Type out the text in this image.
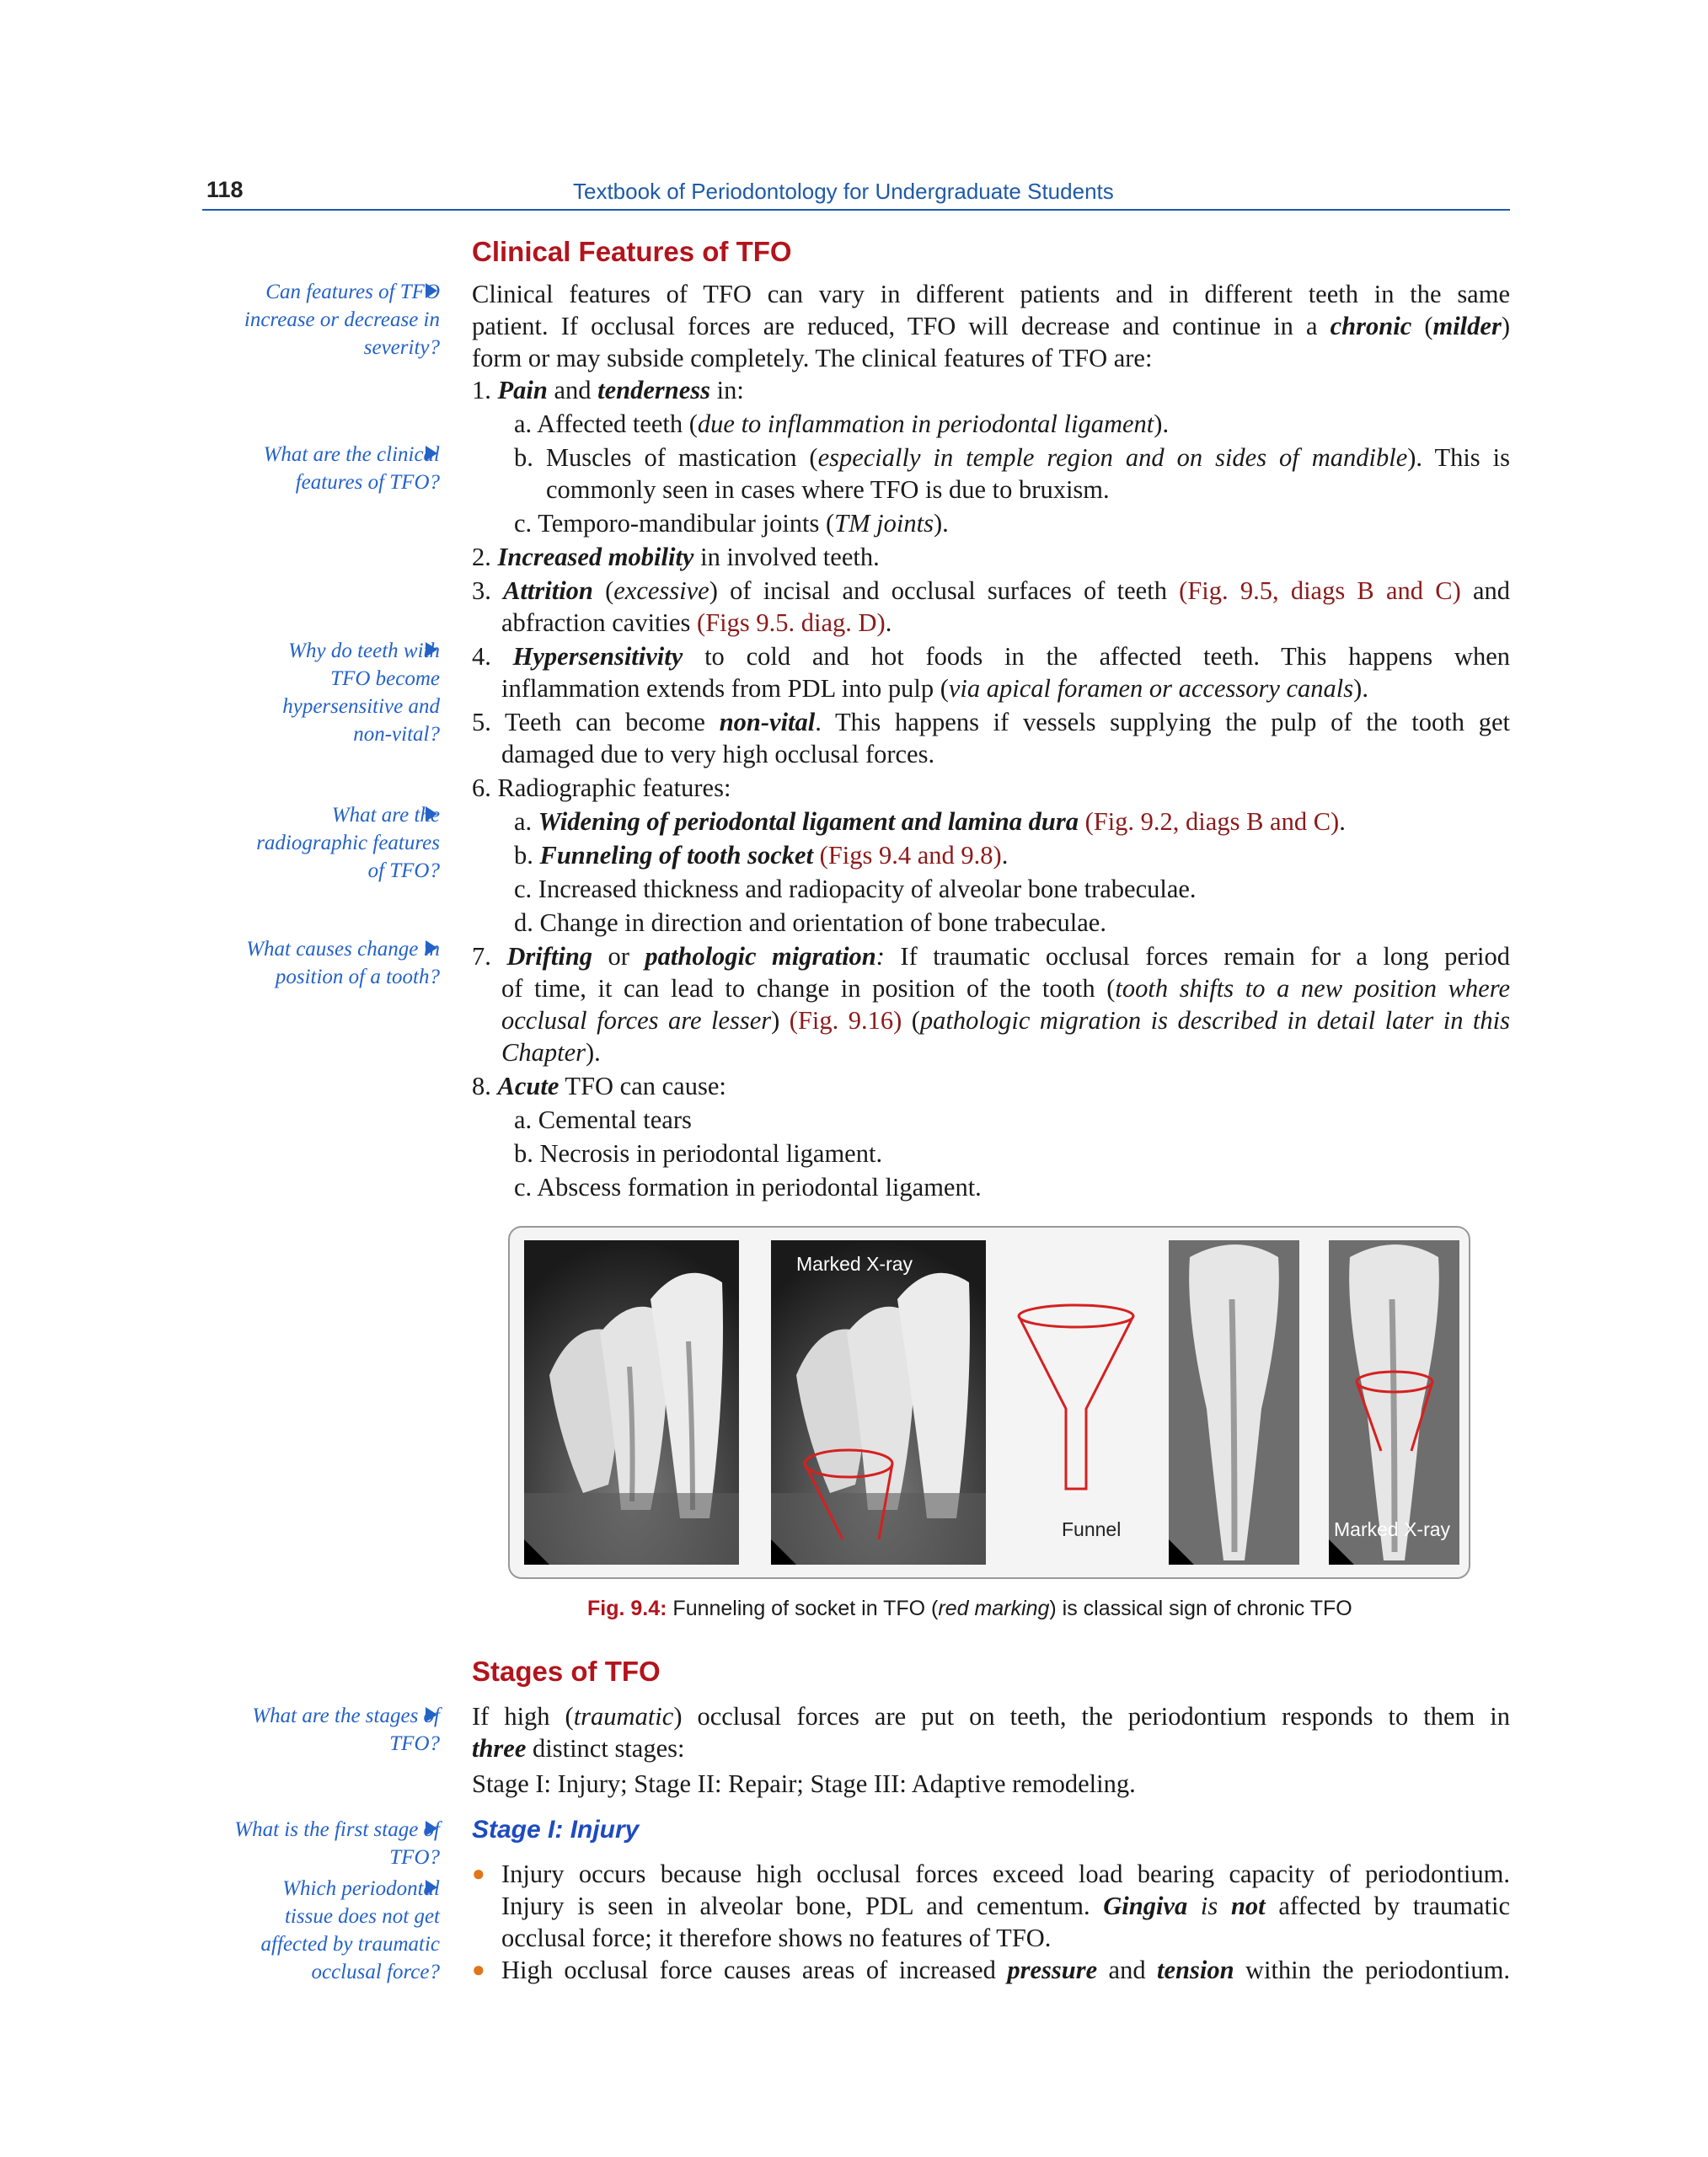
118	Textbook of Periodontology for Undergraduate Students
Can features of TFO increase or decrease in severity?
What are the clinical features of TFO?
Why do teeth with TFO become hypersensitive and non-vital?
What are the radiographic features of TFO?
What causes change in position of a tooth?
What are the stages of TFO?
What is the first stage of TFO?
Which periodontal tissue does not get affected by traumatic occlusal force?
Clinical Features of TFO
Clinical features of TFO can vary in different patients and in different teeth in the same
patient. If occlusal forces are reduced, TFO will decrease and continue in a chronic (milder)
form or may subside completely. The clinical features of TFO are:
1. Pain and tenderness in:
a. Affected teeth (due to inflammation in periodontal ligament).
b. Muscles of mastication (especially in temple region and on sides of mandible). This is
commonly seen in cases where TFO is due to bruxism.
c. Temporo-mandibular joints (TM joints).
2. Increased mobility in involved teeth.
3. Attrition (excessive) of incisal and occlusal surfaces of teeth (Fig. 9.5, diags B and C) and
abfraction cavities (Figs 9.5. diag. D).
4. Hypersensitivity to cold and hot foods in the affected teeth. This happens when
inflammation extends from PDL into pulp (via apical foramen or accessory canals).
5. Teeth can become non-vital. This happens if vessels supplying the pulp of the tooth get
damaged due to very high occlusal forces.
6. Radiographic features:
a. Widening of periodontal ligament and lamina dura (Fig. 9.2, diags B and C).
b. Funneling of tooth socket (Figs 9.4 and 9.8).
c. Increased thickness and radiopacity of alveolar bone trabeculae.
d. Change in direction and orientation of bone trabeculae.
7. Drifting or pathologic migration: If traumatic occlusal forces remain for a long period
of time, it can lead to change in position of the tooth (tooth shifts to a new position where
occlusal forces are lesser) (Fig. 9.16) (pathologic migration is described in detail later in this
Chapter).
8. Acute TFO can cause:
a. Cemental tears
b. Necrosis in periodontal ligament.
c. Abscess formation in periodontal ligament.
Marked X-ray
Funnel	Marked X-ray
Fig. 9.4: Funneling of socket in TFO (red marking) is classical sign of chronic TFO
Stages of TFO
If high (traumatic) occlusal forces are put on teeth, the periodontium responds to them in
three distinct stages:
Stage I: Injury; Stage II: Repair; Stage III: Adaptive remodeling.
Stage I: Injury
● Injury occurs because high occlusal forces exceed load bearing capacity of periodontium.
Injury is seen in alveolar bone, PDL and cementum. Gingiva is not affected by traumatic
occlusal force; it therefore shows no features of TFO.
● High occlusal force causes areas of increased pressure and tension within the periodontium.
